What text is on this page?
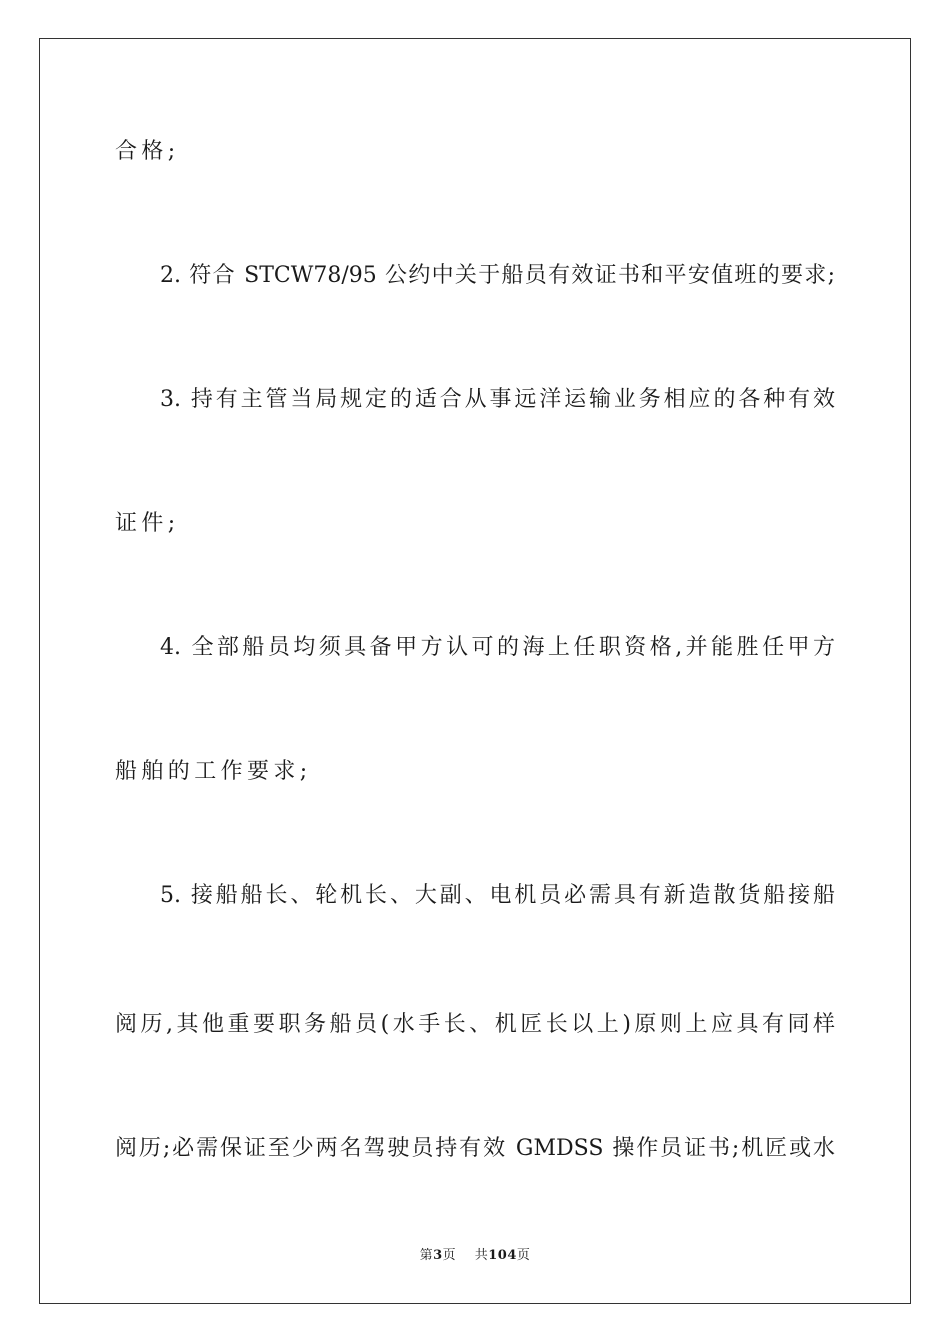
合格;
2. 符合 STCW78/95 公约中关于船员有效证书和平安值班的要求;
3. 持有主管当局规定的适合从事远洋运输业务相应的各种有效
证件;
4. 全部船员均须具备甲方认可的海上任职资格,并能胜任甲方
船舶的工作要求;
5. 接船船长、轮机长、大副、电机员必需具有新造散货船接船
阅历,其他重要职务船员(水手长、机匠长以上)原则上应具有同样
阅历;必需保证至少两名驾驶员持有效 GMDSS 操作员证书;机匠或水
第3页 共104页
